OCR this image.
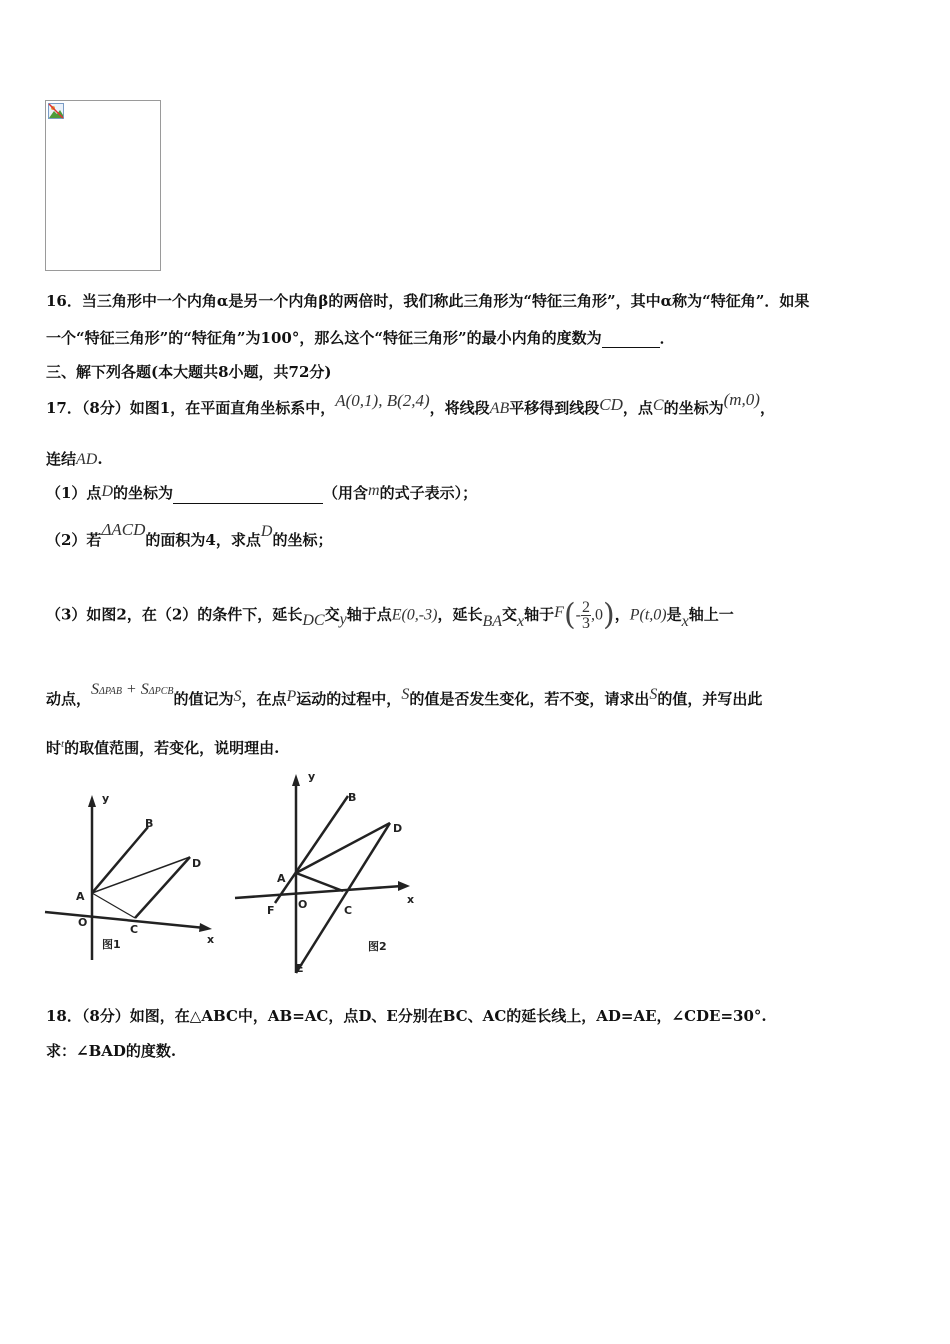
16．当三角形中一个内角α是另一个内角β的两倍时，我们称此三角形为“特征三角形”，其中α称为“特征角”．如果
一个“特征三角形”的“特征角”为100°，那么这个“特征三角形”的最小内角的度数为	．
三、解下列各题(本大题共8小题，共72分)
17．（8分）如图1，在平面直角坐标系中，A(0,1), B(2,4)，将线段AB平移得到线段CD，点C的坐标为(m,0)，
连结AD.
（1）点D的坐标为	（用含m的式子表示）；
（2）若ΔACD的面积为4，求点D的坐标；
（3）如图2，在（2）的条件下，延长DC交y轴于点E(0,-3)，延长BA交x轴于$F(- \frac{2}{3} ,0)$，P(t,0)是x轴上一
动点，SΔPAB + SΔPCB的值记为S，在点P运动的过程中，S的值是否发生变化，若不变，请求出S的值，并写出此
时$^t$的取值范围，若变化，说明理由.
y
B
D
A
O
C
x
图1
y
B
D
A
O
F	C
x
图2
E
18．（8分）如图，在△ABC中，AB=AC，点D、E分别在BC、AC的延长线上，AD=AE，∠CDE=30°.
求：∠BAD的度数.
